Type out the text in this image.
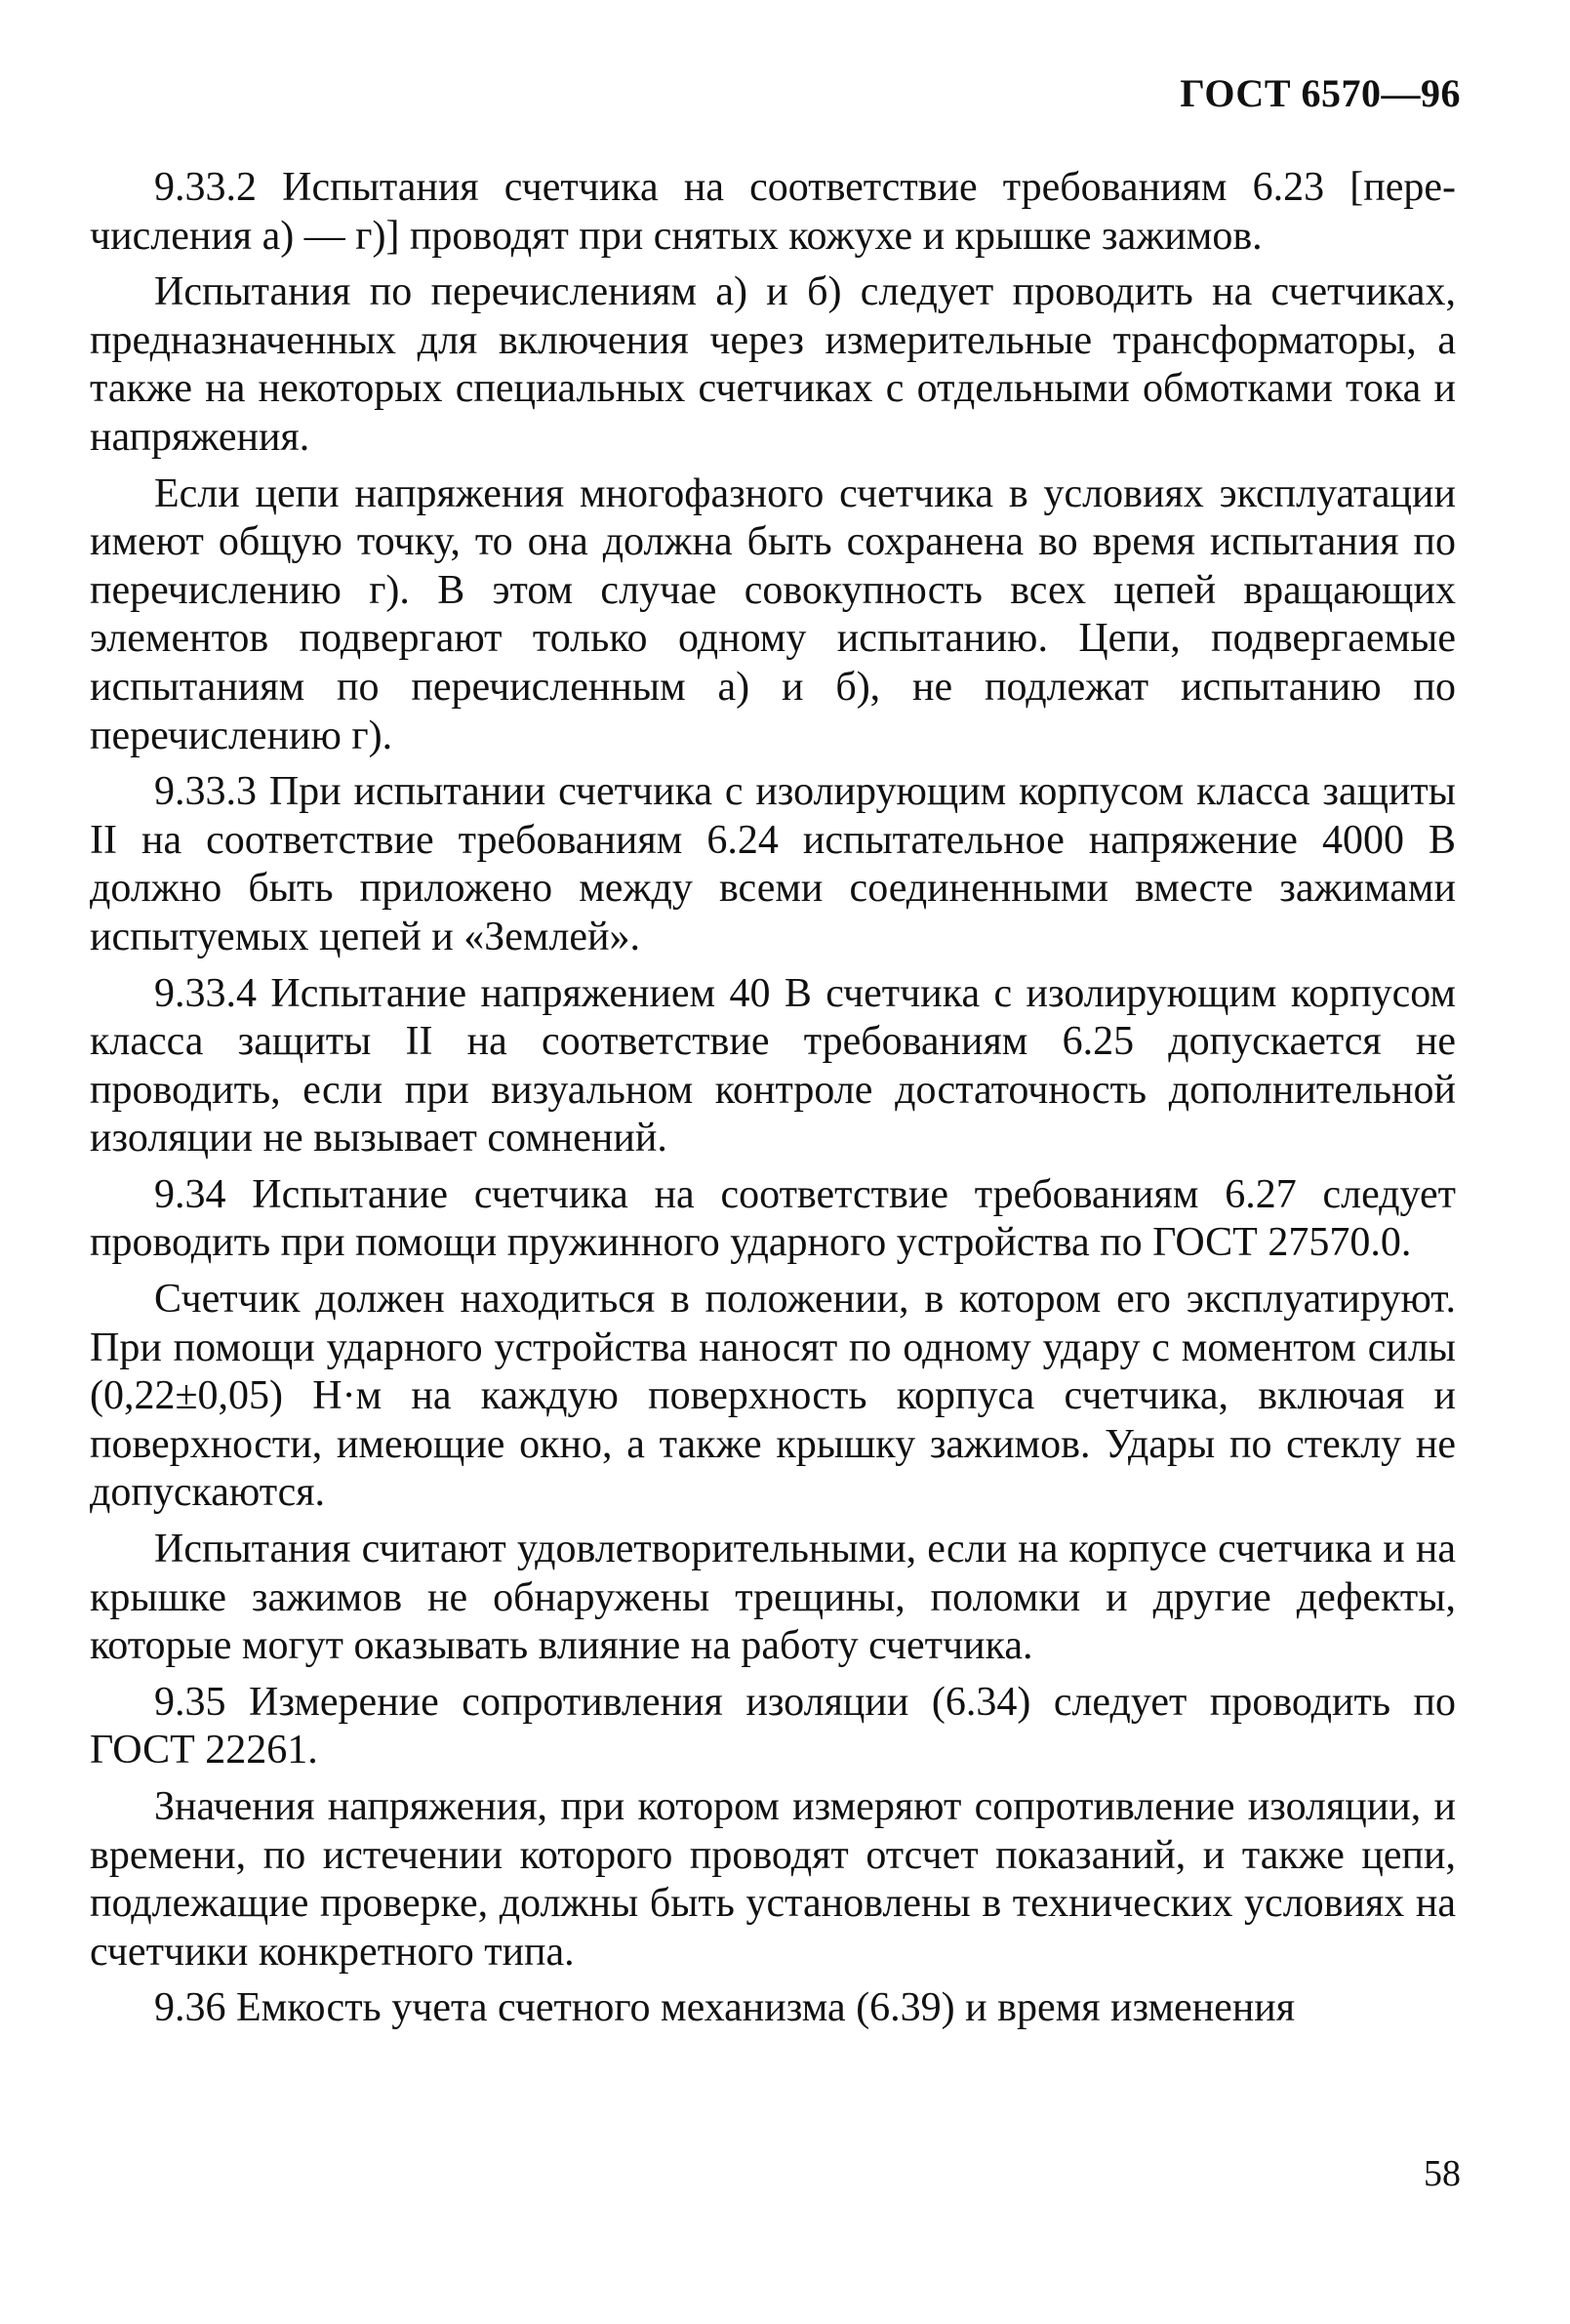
ГОСТ 6570—96

9.33.2 Испытания счетчика на соответствие требованиям 6.23 [перечисления а) — г)] проводят при снятых кожухе и крышке зажимов.

Испытания по перечислениям а) и б) следует проводить на счетчиках, предназначенных для включения через измерительные трансформаторы, а также на некоторых специальных счетчиках с отдельными обмотками тока и напряжения.

Если цепи напряжения многофазного счетчика в условиях эксплуатации имеют общую точку, то она должна быть сохранена во время испытания по перечислению г). В этом случае совокупность всех цепей вращающих элементов подвергают только одному испытанию. Цепи, подвергаемые испытаниям по перечисленным а) и б), не подлежат испытанию по перечислению г).

9.33.3 При испытании счетчика с изолирующим корпусом класса защиты II на соответствие требованиям 6.24 испытательное напряжение 4000 В должно быть приложено между всеми соединенными вместе зажимами испытуемых цепей и «Землей».

9.33.4 Испытание напряжением 40 В счетчика с изолирующим корпусом класса защиты II на соответствие требованиям 6.25 допускается не проводить, если при визуальном контроле достаточность дополнительной изоляции не вызывает сомнений.

9.34 Испытание счетчика на соответствие требованиям 6.27 следует проводить при помощи пружинного ударного устройства по ГОСТ 27570.0.

Счетчик должен находиться в положении, в котором его эксплуатируют. При помощи ударного устройства наносят по одному удару с моментом силы (0,22±0,05) Н·м на каждую поверхность корпуса счетчика, включая и поверхности, имеющие окно, а также крышку зажимов. Удары по стеклу не допускаются.

Испытания считают удовлетворительными, если на корпусе счетчика и на крышке зажимов не обнаружены трещины, поломки и другие дефекты, которые могут оказывать влияние на работу счетчика.

9.35 Измерение сопротивления изоляции (6.34) следует проводить по ГОСТ 22261.

Значения напряжения, при котором измеряют сопротивление изоляции, и времени, по истечении которого проводят отсчет показаний, и также цепи, подлежащие проверке, должны быть установлены в технических условиях на счетчики конкретного типа.

9.36 Емкость учета счетного механизма (6.39) и время изменения

58
